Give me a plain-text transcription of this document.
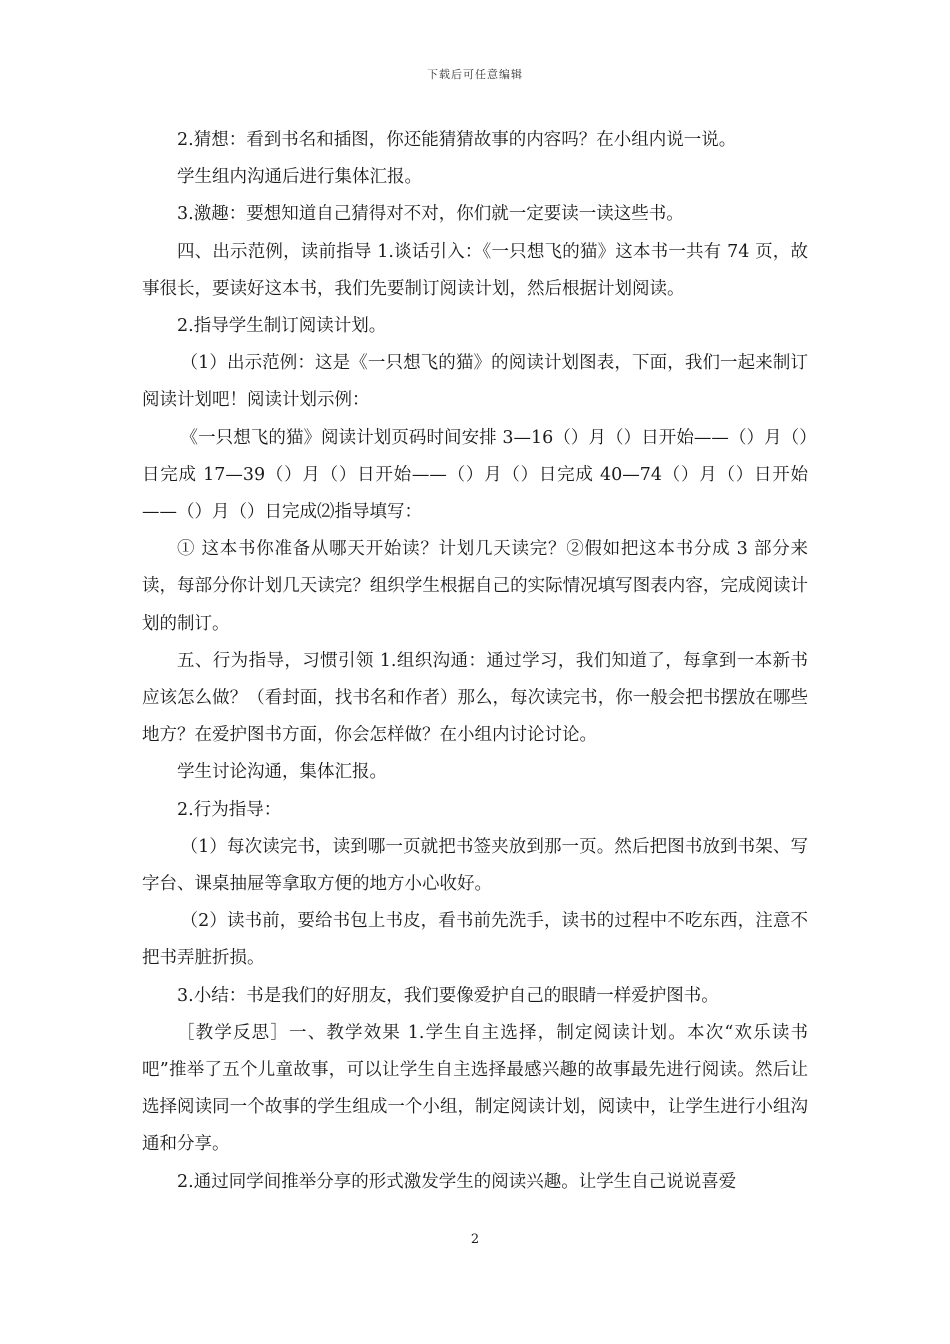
下载后可任意编辑

2.猜想：看到书名和插图，你还能猜猜故事的内容吗？在小组内说一说。

学生组内沟通后进行集体汇报。

3.激趣：要想知道自己猜得对不对，你们就一定要读一读这些书。

四、出示范例，读前指导 1.谈话引入：《一只想飞的猫》这本书一共有 74 页，故事很长，要读好这本书，我们先要制订阅读计划，然后根据计划阅读。

2.指导学生制订阅读计划。

（1）出示范例：这是《一只想飞的猫》的阅读计划图表，下面，我们一起来制订阅读计划吧！阅读计划示例：

《一只想飞的猫》阅读计划页码时间安排 3—16（）月（）日开始——（）月（）日完成 17—39（）月（）日开始——（）月（）日完成 40—74（）月（）日开始——（）月（）日完成⑵指导填写：

① 这本书你准备从哪天开始读？计划几天读完？②假如把这本书分成 3 部分来读，每部分你计划几天读完？组织学生根据自己的实际情况填写图表内容，完成阅读计划的制订。

五、行为指导，习惯引领 1.组织沟通：通过学习，我们知道了，每拿到一本新书应该怎么做？（看封面，找书名和作者）那么，每次读完书，你一般会把书摆放在哪些地方？在爱护图书方面，你会怎样做？在小组内讨论讨论。

学生讨论沟通，集体汇报。

2.行为指导：

（1）每次读完书，读到哪一页就把书签夹放到那一页。然后把图书放到书架、写字台、课桌抽屉等拿取方便的地方小心收好。

（2）读书前，要给书包上书皮，看书前先洗手，读书的过程中不吃东西，注意不把书弄脏折损。

3.小结：书是我们的好朋友，我们要像爱护自己的眼睛一样爱护图书。

［教学反思］一、教学效果 1.学生自主选择，制定阅读计划。本次“欢乐读书吧”推举了五个儿童故事，可以让学生自主选择最感兴趣的故事最先进行阅读。然后让选择阅读同一个故事的学生组成一个小组，制定阅读计划，阅读中，让学生进行小组沟通和分享。

2.通过同学间推举分享的形式激发学生的阅读兴趣。让学生自己说说喜爱

2
